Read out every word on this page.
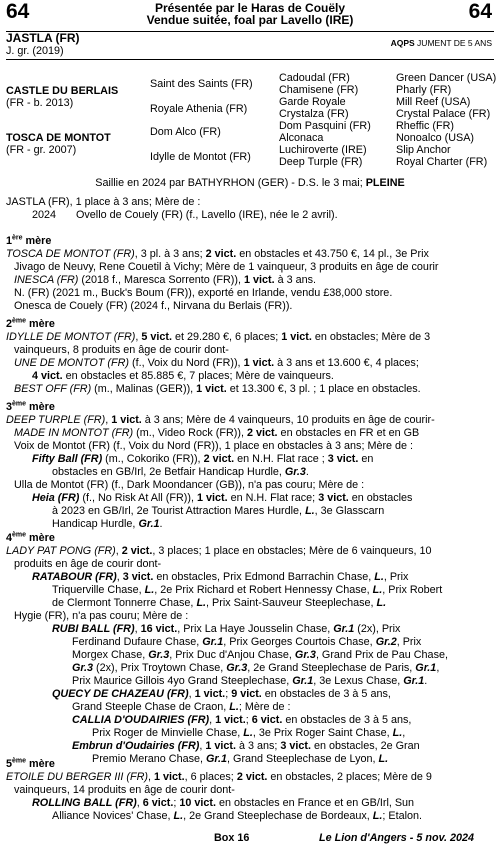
64	64
Présentée par le Haras de Couëly
Vendue suitée, foal par Lavello (IRE)
JASTLA (FR)
J. gr. (2019)
AQPS JUMENT DE 5 ANS
CASTLE DU BERLAIS
(FR - b. 2013)
TOSCA DE MONTOT
(FR - gr. 2007)
Saint des Saints (FR)
Royale Athenia (FR)
Dom Alco (FR)
Idylle de Montot (FR)
Cadoudal (FR)
Chamisene (FR)
Garde Royale
Crystalza (FR)
Dom Pasquini (FR)
Alconaca
Luchiroverte (IRE)
Deep Turple (FR)
Green Dancer (USA)
Pharly (FR)
Mill Reef (USA)
Crystal Palace (FR)
Rheffic (FR)
Nonoalco (USA)
Slip Anchor
Royal Charter (FR)
Saillie en 2024 par BATHYRHON (GER) - D.S. le 3 mai; PLEINE

JASTLA (FR), 1 place à 3 ans; Mère de :

2024 Ovello de Couely (FR) (f., Lavello (IRE), née le 2 avril).

1ère mère

TOSCA DE MONTOT (FR), 3 pl. à 3 ans; 2 vict. en obstacles et 43.750 €, 14 pl., 3e Prix

Jivago de Neuvy, Rene Couetil à Vichy; Mère de 1 vainqueur, 3 produits en âge de courir

INESCA (FR) (2018 f., Maresca Sorrento (FR)), 1 vict. à 3 ans.

N. (FR) (2021 m., Buck's Boum (FR)), exporté en Irlande, vendu £38,000 store.

Onesca de Couely (FR) (2024 f., Nirvana du Berlais (FR)).

2ème mère

IDYLLE DE MONTOT (FR), 5 vict. et 29.280 €, 6 places; 1 vict. en obstacles; Mère de 3

vainqueurs, 8 produits en âge de courir dont-

UNE DE MONTOT (FR) (f., Voix du Nord (FR)), 1 vict. à 3 ans et 13.600 €, 4 places;

4 vict. en obstacles et 85.885 €, 7 places; Mère de vainqueurs.

BEST OFF (FR) (m., Malinas (GER)), 1 vict. et 13.300 €, 3 pl. ; 1 place en obstacles.

3ème mère

DEEP TURPLE (FR), 1 vict. à 3 ans; Mère de 4 vainqueurs, 10 produits en âge de courir-

MADE IN MONTOT (FR) (m., Video Rock (FR)), 2 vict. en obstacles en FR et en GB

Voix de Montot (FR) (f., Voix du Nord (FR)), 1 place en obstacles à 3 ans; Mère de :

Fifty Ball (FR) (m., Cokoriko (FR)), 2 vict. en N.H. Flat race ; 3 vict. en

obstacles en GB/Irl, 2e Betfair Handicap Hurdle, Gr.3.

Ulla de Montot (FR) (f., Dark Moondancer (GB)), n'a pas couru; Mère de :

Heia (FR) (f., No Risk At All (FR)), 1 vict. en N.H. Flat race; 3 vict. en obstacles

à 2023 en GB/Irl, 2e Tourist Attraction Mares Hurdle, L., 3e Glasscarn

Handicap Hurdle, Gr.1.

4ème mère

LADY PAT PONG (FR), 2 vict., 3 places; 1 place en obstacles; Mère de 6 vainqueurs, 10

produits en âge de courir dont-

RATABOUR (FR), 3 vict. en obstacles, Prix Edmond Barrachin Chase, L., Prix

Triquerville Chase, L., 2e Prix Richard et Robert Hennessy Chase, L., Prix Robert

de Clermont Tonnerre Chase, L., Prix Saint-Sauveur Steeplechase, L.

Hygie (FR), n'a pas couru; Mère de :

RUBI BALL (FR), 16 vict., Prix La Haye Jousselin Chase, Gr.1 (2x), Prix

Ferdinand Dufaure Chase, Gr.1, Prix Georges Courtois Chase, Gr.2, Prix

Morgex Chase, Gr.3, Prix Duc d'Anjou Chase, Gr.3, Grand Prix de Pau Chase,

Gr.3 (2x), Prix Troytown Chase, Gr.3, 2e Grand Steeplechase de Paris, Gr.1,

Prix Maurice Gillois 4yo Grand Steeplechase, Gr.1, 3e Lexus Chase, Gr.1.

QUECY DE CHAZEAU (FR), 1 vict.; 9 vict. en obstacles de 3 à 5 ans,

Grand Steeple Chase de Craon, L.; Mère de :

CALLIA D'OUDAIRIES (FR), 1 vict.; 6 vict. en obstacles de 3 à 5 ans,

Prix Roger de Minvielle Chase, L., 3e Prix Roger Saint Chase, L.,

Embrun d'Oudairies (FR), 1 vict. à 3 ans; 3 vict. en obstacles, 2e Gran

Premio Merano Chase, Gr.1, Grand Steeplechase de Lyon, L.

5ème mère

ETOILE DU BERGER III (FR), 1 vict., 6 places; 2 vict. en obstacles, 2 places; Mère de 9

vainqueurs, 14 produits en âge de courir dont-

ROLLING BALL (FR), 6 vict.; 10 vict. en obstacles en France et en GB/Irl, Sun

Alliance Novices' Chase, L., 2e Grand Steeplechase de Bordeaux, L.; Etalon.

Box 16	Le Lion d'Angers - 5 nov. 2024
